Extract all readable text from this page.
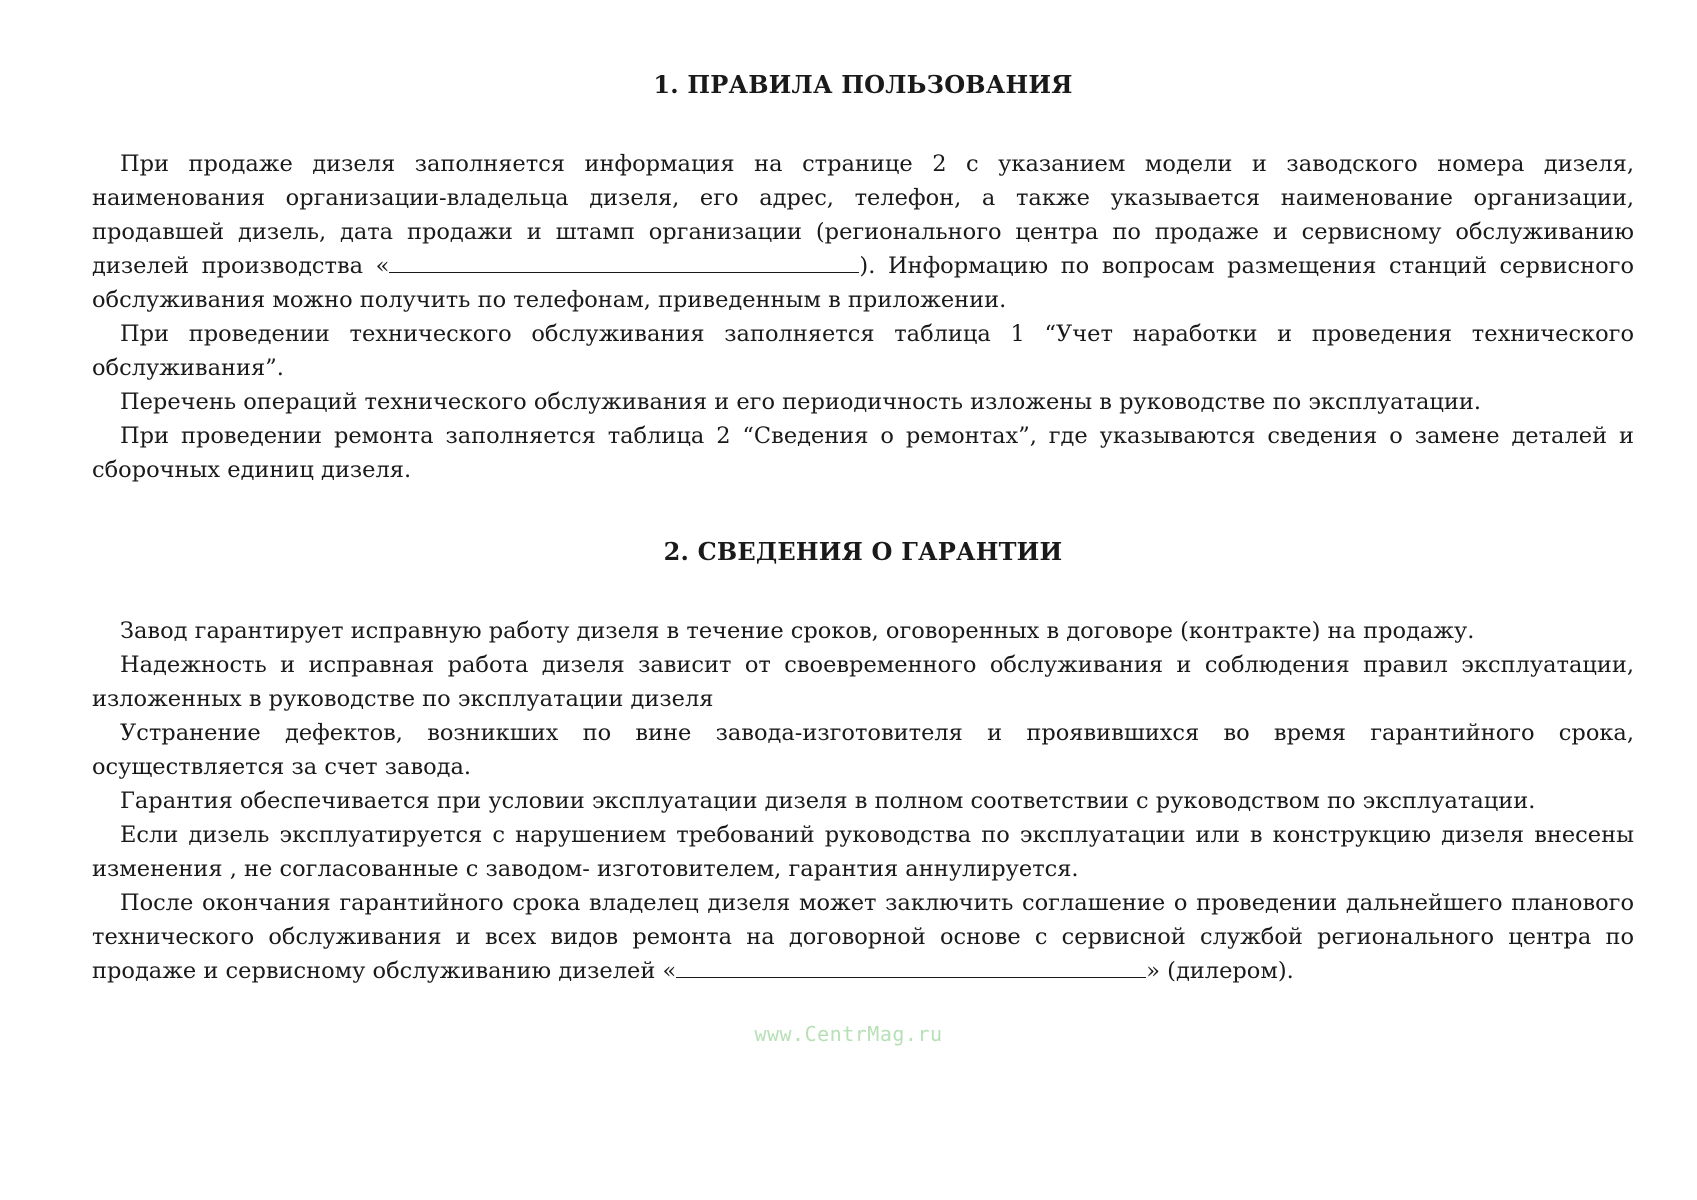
1. ПРАВИЛА ПОЛЬЗОВАНИЯ

При продаже дизеля заполняется информация на странице 2 с указанием модели и заводского номера дизеля, наименования организации-владельца дизеля, его адрес, телефон, а также указывается наименование организации, продавшей дизель, дата продажи и штамп организации (регионального центра по продаже и сервисному обслуживанию дизелей производства «	). Информацию по вопросам размещения станций сервисного обслуживания можно получить по телефонам, приведенным в приложении.

При проведении технического обслуживания заполняется таблица 1 “Учет наработки и проведения технического обслуживания”.

Перечень операций технического обслуживания и его периодичность изложены в руководстве по эксплуатации.

При проведении ремонта заполняется таблица 2 “Сведения о ремонтах”, где указываются сведения о замене деталей и сборочных единиц дизеля.

2. СВЕДЕНИЯ О ГАРАНТИИ

Завод гарантирует исправную работу дизеля в течение сроков, оговоренных в договоре (контракте) на продажу.

Надежность и исправная работа дизеля зависит от своевременного обслуживания и соблюдения правил эксплуатации, изложенных в руководстве по эксплуатации дизеля

Устранение дефектов, возникших по вине завода-изготовителя и проявившихся во время гарантийного срока, осуществляется за счет завода.

Гарантия обеспечивается при условии эксплуатации дизеля в полном соответствии с руководством по эксплуатации.

Если дизель эксплуатируется с нарушением требований руководства по эксплуатации или в конструкцию дизеля внесены изменения , не согласованные с заводом- изготовителем, гарантия аннулируется.

После окончания гарантийного срока владелец дизеля может заключить соглашение о проведении дальнейшего планового технического обслуживания и всех видов ремонта на договорной основе с сервисной службой регионального центра по продаже и сервисному обслуживанию дизелей «	» (дилером).

www.CentrMag.ru
